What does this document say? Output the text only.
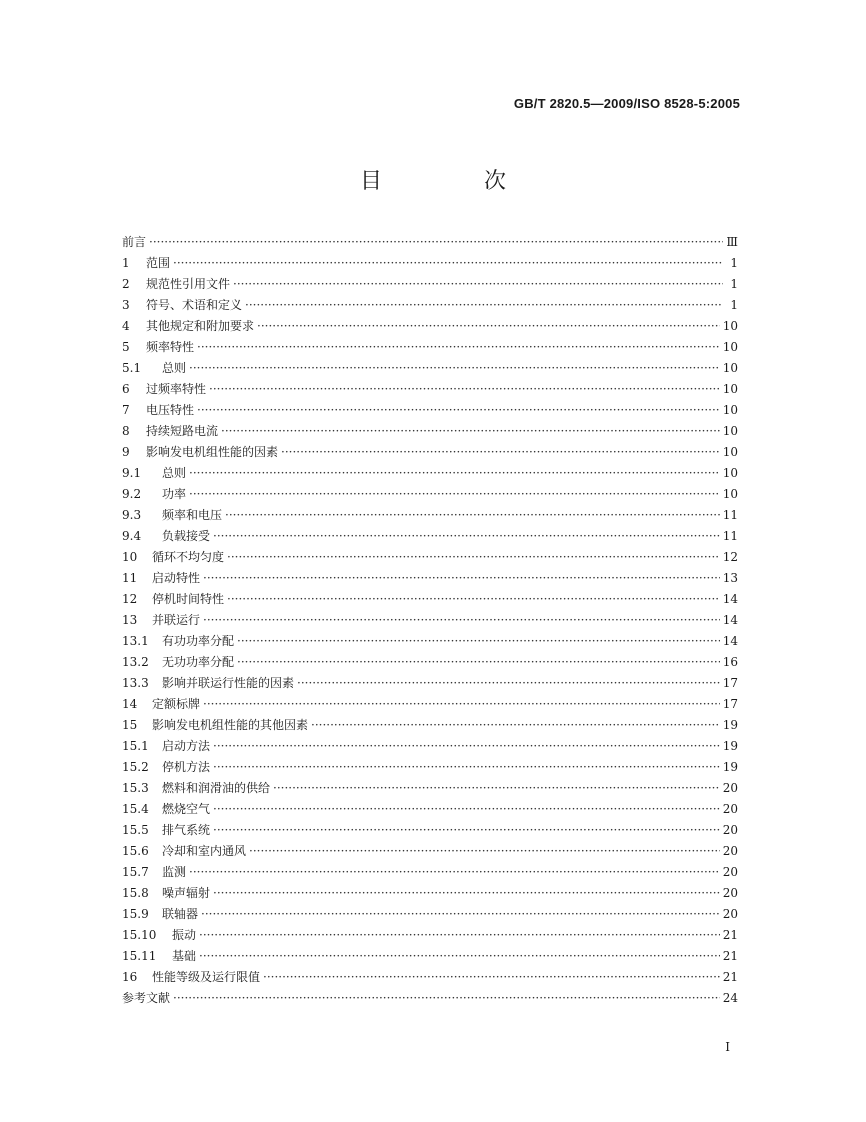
GB/T 2820.5—2009/ISO 8528-5:2005
目　次
前言 ·····	Ⅲ
1	范围 ·····	1
2	规范性引用文件 ·····	1
3	符号、术语和定义 ·····	1
4	其他规定和附加要求 ·····	10
5	频率特性 ·····	10
5.1	总则 ·····	10
6	过频率特性 ·····	10
7	电压特性 ·····	10
8	持续短路电流 ·····	10
9	影响发电机组性能的因素 ·····	10
9.1	总则 ·····	10
9.2	功率 ·····	10
9.3	频率和电压 ·····	11
9.4	负载接受 ·····	11
10	循环不均匀度 ·····	12
11	启动特性 ·····	13
12	停机时间特性 ·····	14
13	并联运行 ·····	14
13.1	有功功率分配 ·····	14
13.2	无功功率分配 ·····	16
13.3	影响并联运行性能的因素 ·····	17
14	定额标牌 ·····	17
15	影响发电机组性能的其他因素 ·····	19
15.1	启动方法 ·····	19
15.2	停机方法 ·····	19
15.3	燃料和润滑油的供给 ·····	20
15.4	燃烧空气 ·····	20
15.5	排气系统 ·····	20
15.6	冷却和室内通风 ·····	20
15.7	监测 ·····	20
15.8	噪声辐射 ·····	20
15.9	联轴器 ·····	20
15.10	振动 ·····	21
15.11	基础 ·····	21
16	性能等级及运行限值 ·····	21
参考文献 ·····	24
I
